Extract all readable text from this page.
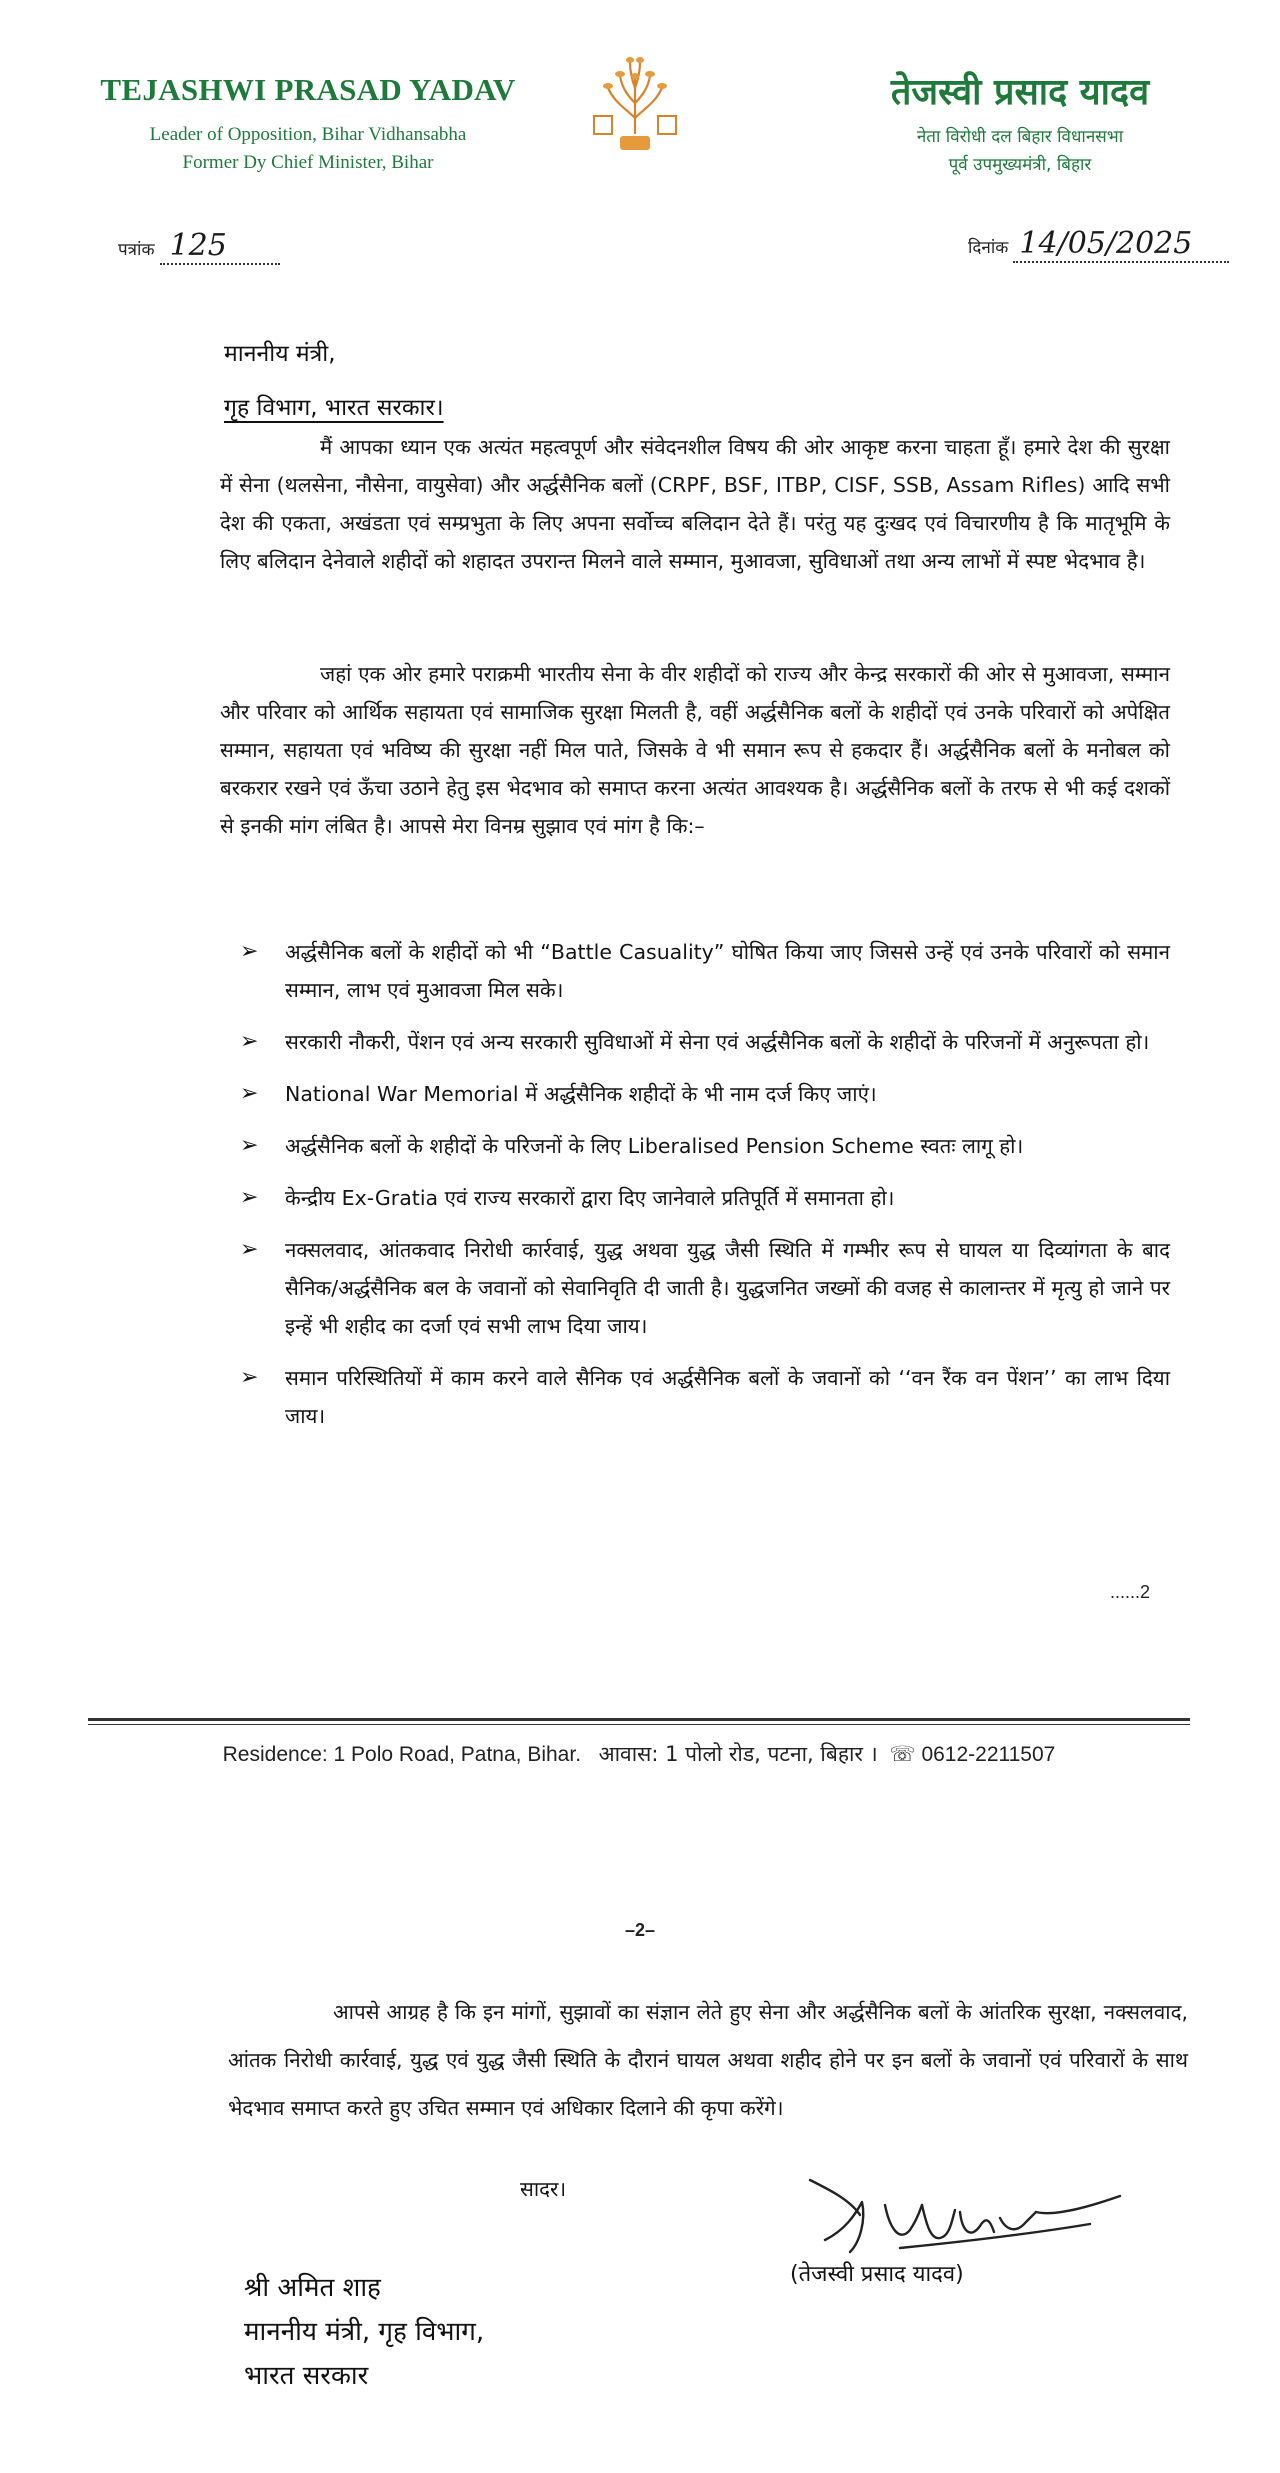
TEJASHWI PRASAD YADAV
Leader of Opposition, Bihar Vidhansabha
Former Dy Chief Minister, Bihar
तेजस्वी प्रसाद यादव
नेता विरोधी दल बिहार विधानसभा
पूर्व उपमुख्यमंत्री, बिहार
पत्रांक 125	दिनांक 14/05/2025
माननीय मंत्री,
गृह विभाग, भारत सरकार।

मैं आपका ध्यान एक अत्यंत महत्वपूर्ण और संवेदनशील विषय की ओर आकृष्ट करना चाहता हूँ। हमारे देश की सुरक्षा में सेना (थलसेना, नौसेना, वायुसेवा) और अर्द्धसैनिक बलों (CRPF, BSF, ITBP, CISF, SSB, Assam Rifles) आदि सभी देश की एकता, अखंडता एवं सम्प्रभुता के लिए अपना सर्वोच्च बलिदान देते हैं। परंतु यह दुःखद एवं विचारणीय है कि मातृभूमि के लिए बलिदान देनेवाले शहीदों को शहादत उपरान्त मिलने वाले सम्मान, मुआवजा, सुविधाओं तथा अन्य लाभों में स्पष्ट भेदभाव है।

जहां एक ओर हमारे पराक्रमी भारतीय सेना के वीर शहीदों को राज्य और केन्द्र सरकारों की ओर से मुआवजा, सम्मान और परिवार को आर्थिक सहायता एवं सामाजिक सुरक्षा मिलती है, वहीं अर्द्धसैनिक बलों के शहीदों एवं उनके परिवारों को अपेक्षित सम्मान, सहायता एवं भविष्य की सुरक्षा नहीं मिल पाते, जिसके वे भी समान रूप से हकदार हैं। अर्द्धसैनिक बलों के मनोबल को बरकरार रखने एवं ऊँचा उठाने हेतु इस भेदभाव को समाप्त करना अत्यंत आवश्यक है। अर्द्धसैनिक बलों के तरफ से भी कई दशकों से इनकी मांग लंबित है। आपसे मेरा विनम्र सुझाव एवं मांग है कि:–

➢ अर्द्धसैनिक बलों के शहीदों को भी “Battle Casuality” घोषित किया जाए जिससे उन्हें एवं उनके परिवारों को समान सम्मान, लाभ एवं मुआवजा मिल सके।
➢ सरकारी नौकरी, पेंशन एवं अन्य सरकारी सुविधाओं में सेना एवं अर्द्धसैनिक बलों के शहीदों के परिजनों में अनुरूपता हो।
➢ National War Memorial में अर्द्धसैनिक शहीदों के भी नाम दर्ज किए जाएं।
➢ अर्द्धसैनिक बलों के शहीदों के परिजनों के लिए Liberalised Pension Scheme स्वतः लागू हो।
➢ केन्द्रीय Ex-Gratia एवं राज्य सरकारों द्वारा दिए जानेवाले प्रतिपूर्ति में समानता हो।
➢ नक्सलवाद, आंतकवाद निरोधी कार्रवाई, युद्ध अथवा युद्ध जैसी स्थिति में गम्भीर रूप से घायल या दिव्यांगता के बाद सैनिक/अर्द्धसैनिक बल के जवानों को सेवानिवृति दी जाती है। युद्धजनित जख्मों की वजह से कालान्तर में मृत्यु हो जाने पर इन्हें भी शहीद का दर्जा एवं सभी लाभ दिया जाय।
➢ समान परिस्थितियों में काम करने वाले सैनिक एवं अर्द्धसैनिक बलों के जवानों को ‘‘वन रैंक वन पेंशन’’ का लाभ दिया जाय।
......2
Residence: 1 Polo Road, Patna, Bihar. आवास: 1 पोलो रोड, पटना, बिहार । ☏ 0612-2211507
–2–

आपसे आग्रह है कि इन मांगों, सुझावों का संज्ञान लेते हुए सेना और अर्द्धसैनिक बलों के आंतरिक सुरक्षा, नक्सलवाद, आंतक निरोधी कार्रवाई, युद्ध एवं युद्ध जैसी स्थिति के दौरानं घायल अथवा शहीद होने पर इन बलों के जवानों एवं परिवारों के साथ भेदभाव समाप्त करते हुए उचित सम्मान एवं अधिकार दिलाने की कृपा करेंगे।

सादर।
(तेजस्वी प्रसाद यादव)
श्री अमित शाह
माननीय मंत्री, गृह विभाग,
भारत सरकार
